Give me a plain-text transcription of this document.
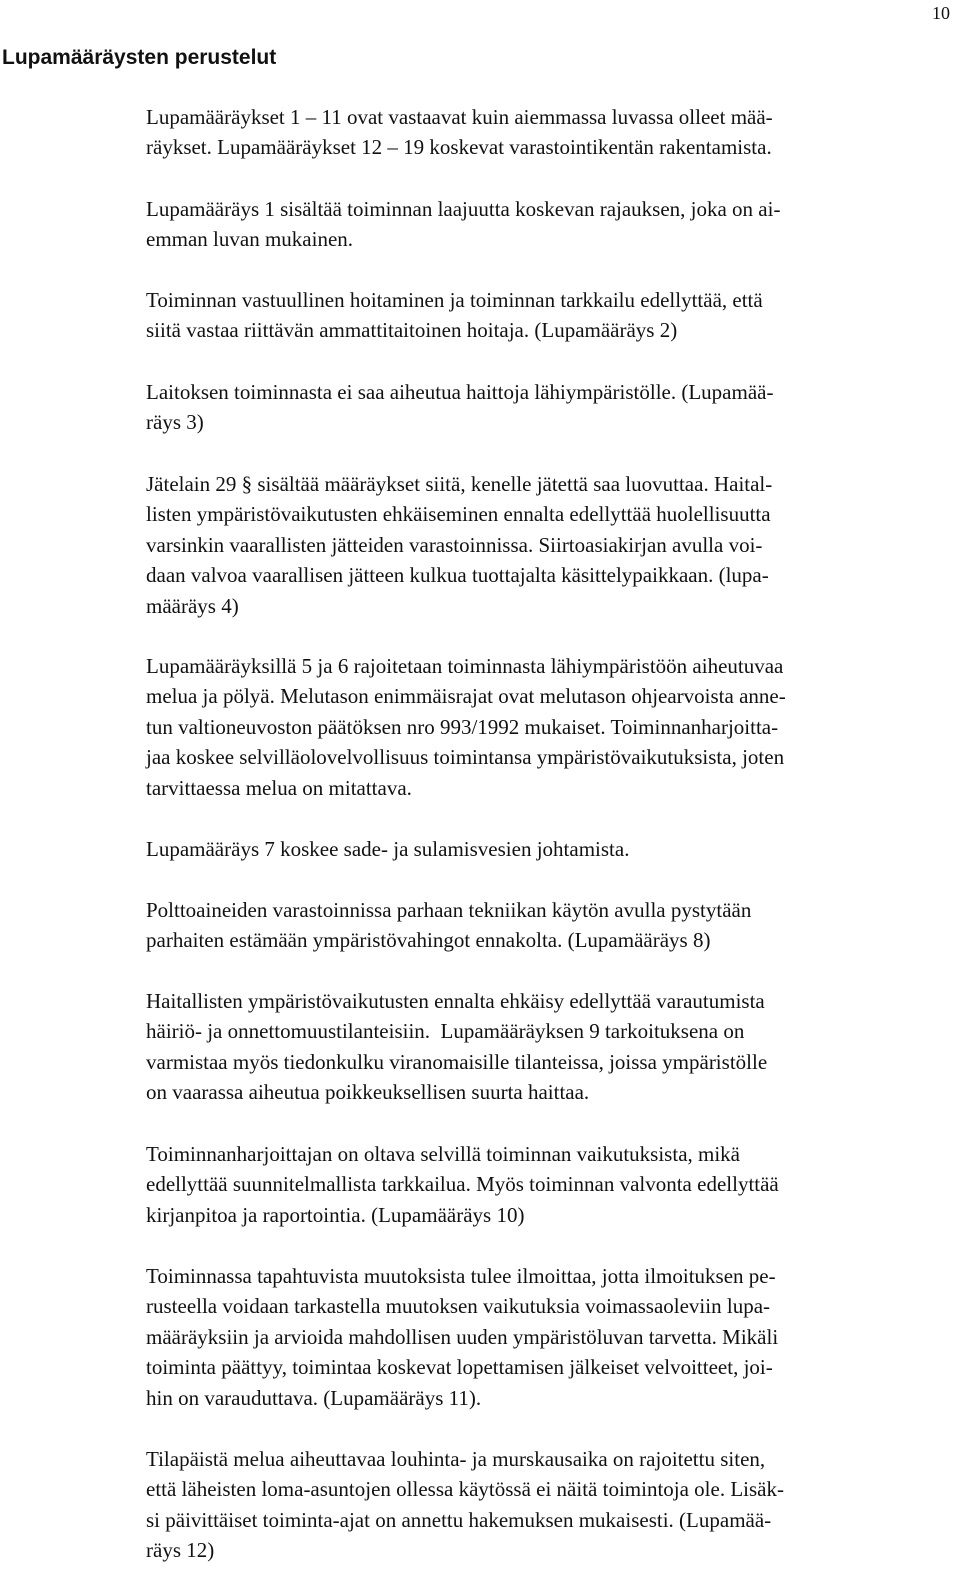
10
Lupamääräysten perustelut

Lupamääräykset 1 – 11 ovat vastaavat kuin aiemmassa luvassa olleet mää-
räykset. Lupamääräykset 12 – 19 koskevat varastointikentän rakentamista.

Lupamääräys 1 sisältää toiminnan laajuutta koskevan rajauksen, joka on ai-
emman luvan mukainen.

Toiminnan vastuullinen hoitaminen ja toiminnan tarkkailu edellyttää, että
siitä vastaa riittävän ammattitaitoinen hoitaja. (Lupamääräys 2)

Laitoksen toiminnasta ei saa aiheutua haittoja lähiympäristölle. (Lupamää-
räys 3)

Jätelain 29 § sisältää määräykset siitä, kenelle jätettä saa luovuttaa. Haital-
listen ympäristövaikutusten ehkäiseminen ennalta edellyttää huolellisuutta
varsinkin vaarallisten jätteiden varastoinnissa. Siirtoasiakirjan avulla voi-
daan valvoa vaarallisen jätteen kulkua tuottajalta käsittelypaikkaan. (lupa-
määräys 4)

Lupamääräyksillä 5 ja 6 rajoitetaan toiminnasta lähiympäristöön aiheutuvaa
melua ja pölyä. Melutason enimmäisrajat ovat melutason ohjearvoista anne-
tun valtioneuvoston päätöksen nro 993/1992 mukaiset. Toiminnanharjoitta-
jaa koskee selvilläolovelvollisuus toimintansa ympäristövaikutuksista, joten
tarvittaessa melua on mitattava.

Lupamääräys 7 koskee sade- ja sulamisvesien johtamista.

Polttoaineiden varastoinnissa parhaan tekniikan käytön avulla pystytään
parhaiten estämään ympäristövahingot ennakolta. (Lupamääräys 8)

Haitallisten ympäristövaikutusten ennalta ehkäisy edellyttää varautumista
häiriö- ja onnettomuustilanteisiin.  Lupamääräyksen 9 tarkoituksena on
varmistaa myös tiedonkulku viranomaisille tilanteissa, joissa ympäristölle
on vaarassa aiheutua poikkeuksellisen suurta haittaa.

Toiminnanharjoittajan on oltava selvillä toiminnan vaikutuksista, mikä
edellyttää suunnitelmallista tarkkailua. Myös toiminnan valvonta edellyttää
kirjanpitoa ja raportointia. (Lupamääräys 10)

Toiminnassa tapahtuvista muutoksista tulee ilmoittaa, jotta ilmoituksen pe-
rusteella voidaan tarkastella muutoksen vaikutuksia voimassaoleviin lupa-
määräyksiin ja arvioida mahdollisen uuden ympäristöluvan tarvetta. Mikäli
toiminta päättyy, toimintaa koskevat lopettamisen jälkeiset velvoitteet, joi-
hin on varauduttava. (Lupamääräys 11).

Tilapäistä melua aiheuttavaa louhinta- ja murskausaika on rajoitettu siten,
että läheisten loma-asuntojen ollessa käytössä ei näitä toimintoja ole. Lisäk-
si päivittäiset toiminta-ajat on annettu hakemuksen mukaisesti. (Lupamää-
räys 12)
